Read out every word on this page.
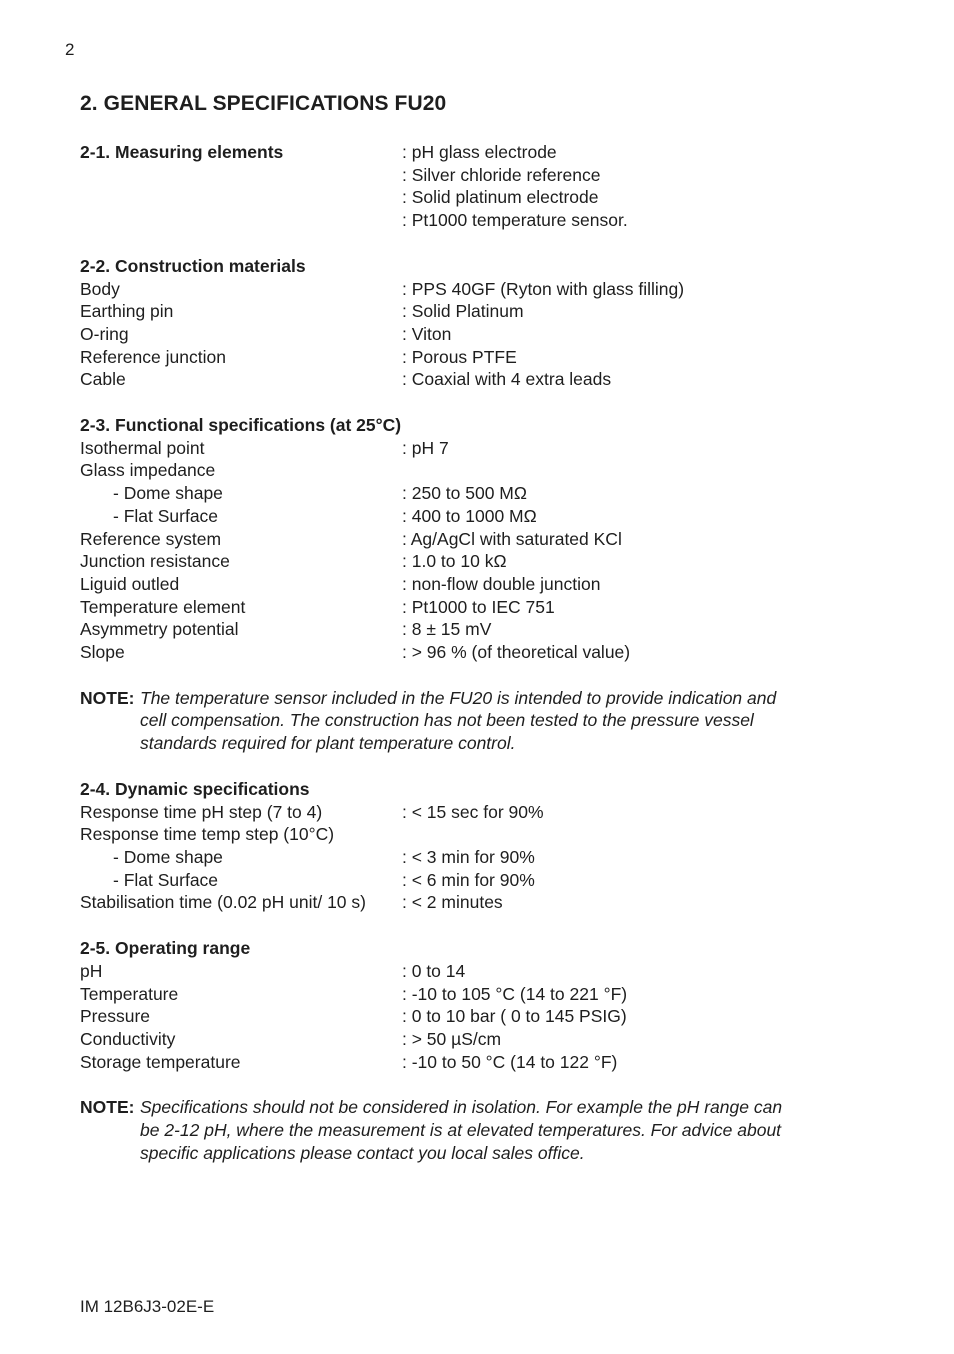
2
2. GENERAL SPECIFICATIONS FU20
2-1. Measuring elements	: pH glass electrode
: Silver chloride reference
: Solid platinum electrode
: Pt1000 temperature sensor.
2-2. Construction materials
Body	: PPS 40GF (Ryton with glass filling)
Earthing pin	: Solid Platinum
O-ring	: Viton
Reference junction	: Porous PTFE
Cable	: Coaxial with 4 extra leads
2-3. Functional specifications (at 25°C)
Isothermal point	: pH 7
Glass impedance
- Dome shape	: 250 to 500 MΩ
- Flat Surface	: 400 to 1000 MΩ
Reference system	: Ag/AgCl with saturated KCl
Junction resistance	: 1.0 to 10 kΩ
Liguid outled	: non-flow double junction
Temperature element	: Pt1000 to IEC 751
Asymmetry potential	: 8 ± 15 mV
Slope	: > 96 % (of theoretical value)
NOTE: The temperature sensor included in the FU20 is intended to provide indication and cell compensation. The construction has not been tested to the pressure vessel standards required for plant temperature control.
2-4. Dynamic specifications
Response time pH step (7 to 4)	: < 15 sec for 90%
Response time temp step (10°C)
- Dome shape	: < 3 min for 90%
- Flat Surface	: < 6 min for 90%
Stabilisation time (0.02 pH unit/ 10 s)	: < 2 minutes
2-5. Operating range
pH	: 0 to 14
Temperature	: -10 to 105 °C (14 to 221 °F)
Pressure	: 0 to 10 bar ( 0 to 145 PSIG)
Conductivity	: > 50 µS/cm
Storage temperature	: -10 to 50 °C (14 to 122 °F)
NOTE: Specifications should not be considered in isolation. For example the pH range can be 2-12 pH, where the measurement is at elevated temperatures. For advice about specific applications please contact you local sales office.
IM 12B6J3-02E-E
